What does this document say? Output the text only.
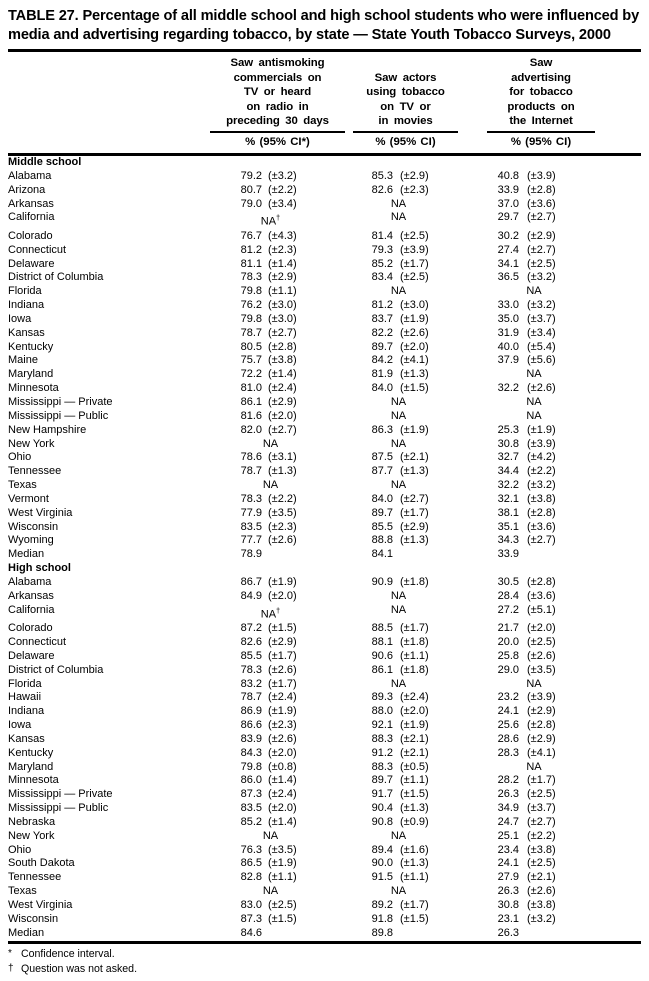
TABLE 27. Percentage of all middle school and high school students who were influenced by media and advertising regarding tobacco, by state — State Youth Tobacco Surveys, 2000
Saw antismoking
commercials on
TV or heard
on radio in
preceding 30 days
% (95% CI*)
Saw actors
using tobacco
on TV or
in movies
% (95% CI)
Saw
advertising
for tobacco
products on
the Internet
% (95% CI)
Middle school
Alabama	79.2 (±3.2)	85.3 (±2.9)	40.8 (±3.9)
Arizona	80.7 (±2.2)	82.6 (±2.3)	33.9 (±2.8)
Arkansas	79.0 (±3.4)	NA	37.0 (±3.6)
California	NA†	NA	29.7 (±2.7)
Colorado	76.7 (±4.3)	81.4 (±2.5)	30.2 (±2.9)
Connecticut	81.2 (±2.3)	79.3 (±3.9)	27.4 (±2.7)
Delaware	81.1 (±1.4)	85.2 (±1.7)	34.1 (±2.5)
District of Columbia	78.3 (±2.9)	83.4 (±2.5)	36.5 (±3.2)
Florida	79.8 (±1.1)	NA	NA
Indiana	76.2 (±3.0)	81.2 (±3.0)	33.0 (±3.2)
Iowa	79.8 (±3.0)	83.7 (±1.9)	35.0 (±3.7)
Kansas	78.7 (±2.7)	82.2 (±2.6)	31.9 (±3.4)
Kentucky	80.5 (±2.8)	89.7 (±2.0)	40.0 (±5.4)
Maine	75.7 (±3.8)	84.2 (±4.1)	37.9 (±5.6)
Maryland	72.2 (±1.4)	81.9 (±1.3)	NA
Minnesota	81.0 (±2.4)	84.0 (±1.5)	32.2 (±2.6)
Mississippi — Private	86.1 (±2.9)	NA	NA
Mississippi — Public	81.6 (±2.0)	NA	NA
New Hampshire	82.0 (±2.7)	86.3 (±1.9)	25.3 (±1.9)
New York	NA	NA	30.8 (±3.9)
Ohio	78.6 (±3.1)	87.5 (±2.1)	32.7 (±4.2)
Tennessee	78.7 (±1.3)	87.7 (±1.3)	34.4 (±2.2)
Texas	NA	NA	32.2 (±3.2)
Vermont	78.3 (±2.2)	84.0 (±2.7)	32.1 (±3.8)
West Virginia	77.9 (±3.5)	89.7 (±1.7)	38.1 (±2.8)
Wisconsin	83.5 (±2.3)	85.5 (±2.9)	35.1 (±3.6)
Wyoming	77.7 (±2.6)	88.8 (±1.3)	34.3 (±2.7)
Median	78.9	84.1	33.9
High school
Alabama	86.7 (±1.9)	90.9 (±1.8)	30.5 (±2.8)
Arkansas	84.9 (±2.0)	NA	28.4 (±3.6)
California	NA†	NA	27.2 (±5.1)
Colorado	87.2 (±1.5)	88.5 (±1.7)	21.7 (±2.0)
Connecticut	82.6 (±2.9)	88.1 (±1.8)	20.0 (±2.5)
Delaware	85.5 (±1.7)	90.6 (±1.1)	25.8 (±2.6)
District of Columbia	78.3 (±2.6)	86.1 (±1.8)	29.0 (±3.5)
Florida	83.2 (±1.7)	NA	NA
Hawaii	78.7 (±2.4)	89.3 (±2.4)	23.2 (±3.9)
Indiana	86.9 (±1.9)	88.0 (±2.0)	24.1 (±2.9)
Iowa	86.6 (±2.3)	92.1 (±1.9)	25.6 (±2.8)
Kansas	83.9 (±2.6)	88.3 (±2.1)	28.6 (±2.9)
Kentucky	84.3 (±2.0)	91.2 (±2.1)	28.3 (±4.1)
Maryland	79.8 (±0.8)	88.3 (±0.5)	NA
Minnesota	86.0 (±1.4)	89.7 (±1.1)	28.2 (±1.7)
Mississippi — Private	87.3 (±2.4)	91.7 (±1.5)	26.3 (±2.5)
Mississippi — Public	83.5 (±2.0)	90.4 (±1.3)	34.9 (±3.7)
Nebraska	85.2 (±1.4)	90.8 (±0.9)	24.7 (±2.7)
New York	NA	NA	25.1 (±2.2)
Ohio	76.3 (±3.5)	89.4 (±1.6)	23.4 (±3.8)
South Dakota	86.5 (±1.9)	90.0 (±1.3)	24.1 (±2.5)
Tennessee	82.8 (±1.1)	91.5 (±1.1)	27.9 (±2.1)
Texas	NA	NA	26.3 (±2.6)
West Virginia	83.0 (±2.5)	89.2 (±1.7)	30.8 (±3.8)
Wisconsin	87.3 (±1.5)	91.8 (±1.5)	23.1 (±3.2)
Median	84.6	89.8	26.3
* Confidence interval.
† Question was not asked.
